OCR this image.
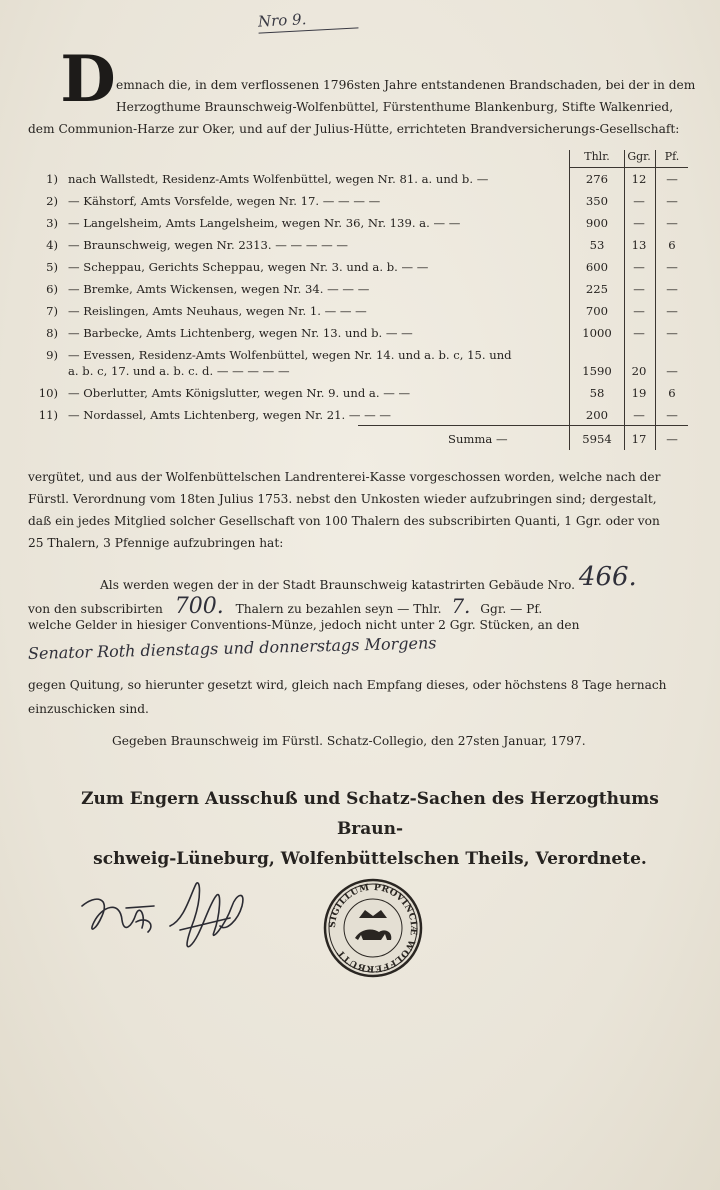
Nro 9.
D emnach die, in dem verflossenen 1796sten Jahre entstandenen Brandschaden, bei der in dem
Herzogthume Braunschweig-Wolfenbüttel, Fürstenthume Blankenburg, Stifte Walkenried,
dem Communion-Harze zur Oker, und auf der Julius-Hütte, errichteten Brandversicherungs-Gesellschaft:
Thlr.	Ggr.	Pf.
1) nach Wallstedt, Residenz-Amts Wolfenbüttel, wegen Nr. 81. a. und b. —	276	12	—
2) — Kähstorf, Amts Vorsfelde, wegen Nr. 17. — — — —	350	—	—
3) — Langelsheim, Amts Langelsheim, wegen Nr. 36, Nr. 139. a. — —	900	—	—
4) — Braunschweig, wegen Nr. 2313. — — — — —	53	13	6
5) — Scheppau, Gerichts Scheppau, wegen Nr. 3. und a. b. — —	600	—	—
6) — Bremke, Amts Wickensen, wegen Nr. 34. — — —	225	—	—
7) — Reislingen, Amts Neuhaus, wegen Nr. 1. — — —	700	—	—
8) — Barbecke, Amts Lichtenberg, wegen Nr. 13. und b. — —	1000	—	—
9) — Evessen, Residenz-Amts Wolfenbüttel, wegen Nr. 14. und a. b. c, 15. und
a. b. c, 17. und a. b. c. d. — — — — —	1590	20	—
10) — Oberlutter, Amts Königslutter, wegen Nr. 9. und a. — —	58	19	6
11) — Nordassel, Amts Lichtenberg, wegen Nr. 21. — — —	200	—	—
Summa —	5954	17	—
vergütet, und aus der Wolfenbüttelschen Landrenterei-Kasse vorgeschossen worden, welche nach der
Fürstl. Verordnung vom 18ten Julius 1753. nebst den Unkosten wieder aufzubringen sind; dergestalt,
daß ein jedes Mitglied solcher Gesellschaft von 100 Thalern des subscribirten Quanti, 1 Ggr. oder von
25 Thalern, 3 Pfennige aufzubringen hat:
Als werden wegen der in der Stadt Braunschweig katastrirten Gebäude Nro. 466.
von den subscribirten 700. Thalern zu bezahlen seyn — Thlr. 7. Ggr. — Pf.
welche Gelder in hiesiger Conventions-Münze, jedoch nicht unter 2 Ggr. Stücken, an den
Senator Roth dienstags und donnerstags Morgens
gegen Quitung, so hierunter gesetzt wird, gleich nach Empfang dieses, oder höchstens 8 Tage hernach
einzuschicken sind.
Gegeben Braunschweig im Fürstl. Schatz-Collegio, den 27sten Januar, 1797.
Zum Engern Ausschuß und Schatz-Sachen des Herzogthums Braun-
schweig-Lüneburg, Wolfenbüttelschen Theils, Verordnete.
SIGILLUM PROVINCIÆ WOLFFERBUTT
